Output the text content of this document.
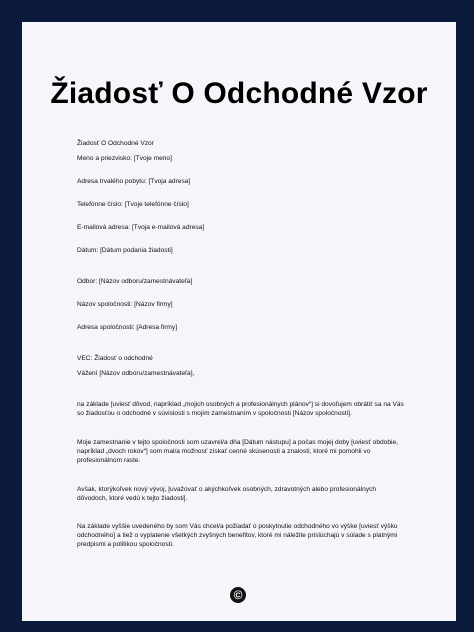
Žiadosť O Odchodné Vzor
Žiadosť O Odchodné Vzor
Meno a priezvisko: [Tvoje meno]
Adresa trvalého pobytu: [Tvoja adresa]
Telefónne číslo: [Tvoje telefónne číslo]
E-mailová adresa: [Tvoja e-mailová adresa]
Dátum: [Dátum podania žiadosti]
Odbor: [Názov odboru/zamestnávateľa]
Názov spoločnosti: [Názov firmy]
Adresa spoločnosti: [Adresa firmy]
VEC: Žiadosť o odchodné
Vážení [Názov odboru/zamestnávateľa],
na základe [uviesť dôvod, napríklad „mojich osobných a profesionálnych plánov“] si dovoľujem obrátiť sa na Vás so žiadosťou o odchodné v súvislosti s mojím zamestnaním v spoločnosti [Názov spoločnosti].
Moje zamestnanie v tejto spoločnosti som uzavrel/a dňa [Dátum nástupu] a počas mojej doby [uviesť obdobie, napríklad „dvoch rokov“] som mal/a možnosť získať cenné skúsenosti a znalosti, ktoré mi pomohli vo profesionálnom raste.
Avšak, ktorýkoľvek nový vývoj, [uvažovať o akýchkoľvek osobných, zdravotných alebo profesionálnych dôvodoch, ktoré vedú k tejto žiadosti].
Na základe vyššie uvedeného by som Vás chcel/a požiadať o poskytnutie odchodného vo výške [uviesť výšku odchodného] a tiež o vyplatenie všetkých zvyšných benefitov, ktoré mi náležite prislúchajú v súlade s platnými predpismi a politikou spoločnosti.
©
